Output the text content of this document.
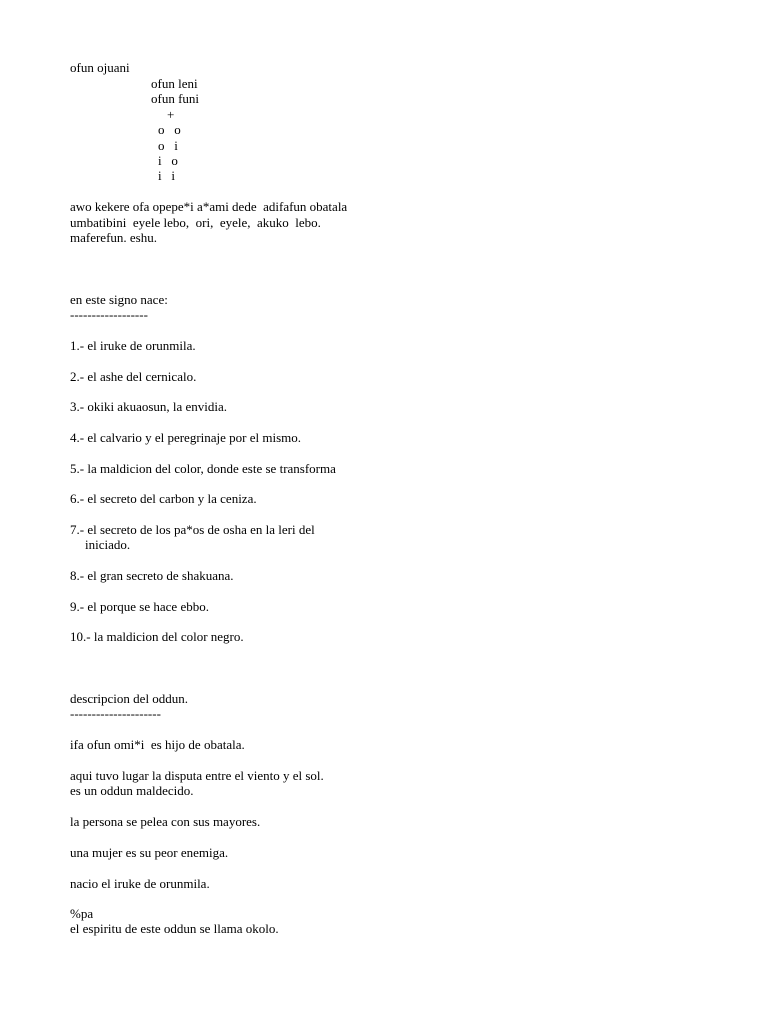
ofun ojuani
ofun leni
ofun funi
+
o   o
o   i
i   o
i   i
awo kekere ofa opepe*i a*ami dede  adifafun obatala
umbatibini  eyele lebo,  ori,  eyele,  akuko  lebo.
maferefun. eshu.
en este signo nace:
------------------
1.- el iruke de orunmila.
2.- el ashe del cernicalo.
3.- okiki akuaosun, la envidia.
4.- el calvario y el peregrinaje por el mismo.
5.- la maldicion del color, donde este se transforma
6.- el secreto del carbon y la ceniza.
7.- el secreto de los pa*os de osha en la leri del
iniciado.
8.- el gran secreto de shakuana.
9.- el porque se hace ebbo.
10.- la maldicion del color negro.
descripcion del oddun.
---------------------
ifa ofun omi*i  es hijo de obatala.
aqui tuvo lugar la disputa entre el viento y el sol.
es un oddun maldecido.
la persona se pelea con sus mayores.
una mujer es su peor enemiga.
nacio el iruke de orunmila.
%pa
el espiritu de este oddun se llama okolo.
